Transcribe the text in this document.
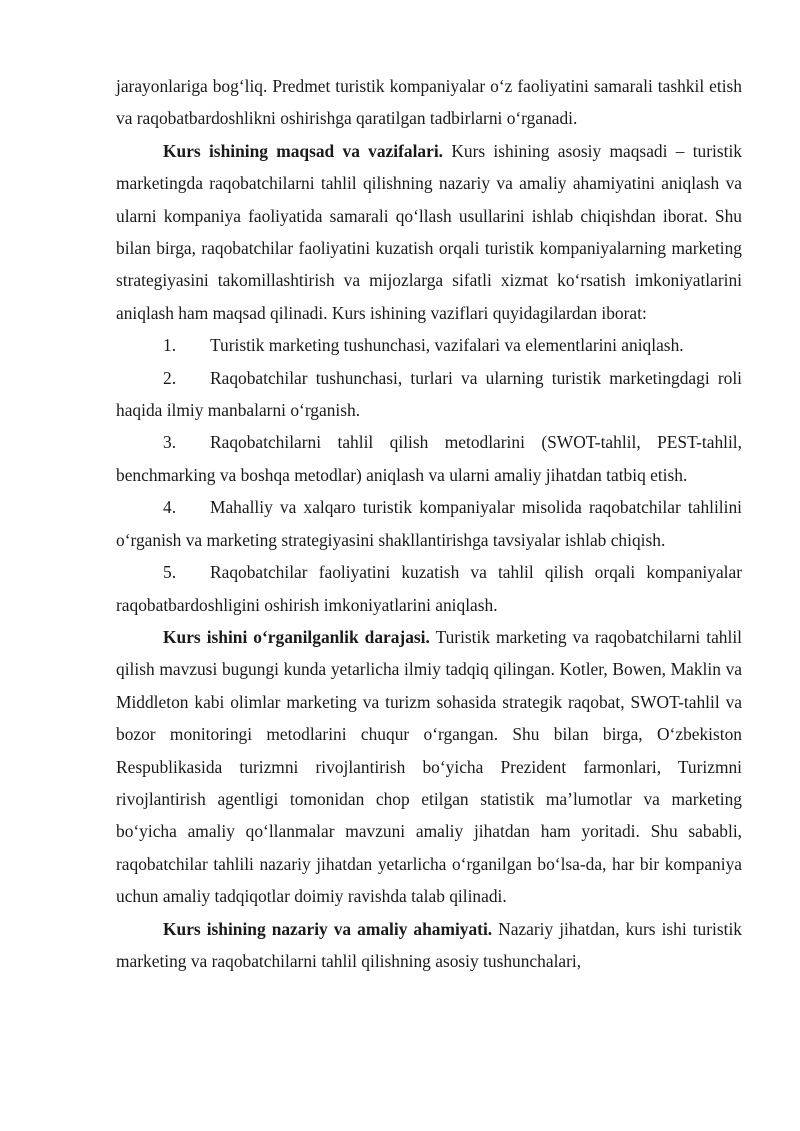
jarayonlariga bog‘liq. Predmet turistik kompaniyalar o‘z faoliyatini samarali tashkil etish va raqobatbardoshlikni oshirishga qaratilgan tadbirlarni o‘rganadi.

Kurs ishining maqsad va vazifalari. Kurs ishining asosiy maqsadi – turistik marketingda raqobatchilarni tahlil qilishning nazariy va amaliy ahamiyatini aniqlash va ularni kompaniya faoliyatida samarali qo‘llash usullarini ishlab chiqishdan iborat. Shu bilan birga, raqobatchilar faoliyatini kuzatish orqali turistik kompaniyalarning marketing strategiyasini takomillashtirish va mijozlarga sifatli xizmat ko‘rsatish imkoniyatlarini aniqlash ham maqsad qilinadi. Kurs ishining vaziflari quyidagilardan iborat:

1. Turistik marketing tushunchasi, vazifalari va elementlarini aniqlash.

2. Raqobatchilar tushunchasi, turlari va ularning turistik marketingdagi roli haqida ilmiy manbalarni o‘rganish.

3. Raqobatchilarni tahlil qilish metodlarini (SWOT-tahlil, PEST-tahlil, benchmarking va boshqa metodlar) aniqlash va ularni amaliy jihatdan tatbiq etish.

4. Mahalliy va xalqaro turistik kompaniyalar misolida raqobatchilar tahlilini o‘rganish va marketing strategiyasini shakllantirishga tavsiyalar ishlab chiqish.

5. Raqobatchilar faoliyatini kuzatish va tahlil qilish orqali kompaniyalar raqobatbardoshligini oshirish imkoniyatlarini aniqlash.

Kurs ishini o‘rganilganlik darajasi. Turistik marketing va raqobatchilarni tahlil qilish mavzusi bugungi kunda yetarlicha ilmiy tadqiq qilingan. Kotler, Bowen, Maklin va Middleton kabi olimlar marketing va turizm sohasida strategik raqobat, SWOT-tahlil va bozor monitoringi metodlarini chuqur o‘rgangan. Shu bilan birga, O‘zbekiston Respublikasida turizmni rivojlantirish bo‘yicha Prezident farmonlari, Turizmni rivojlantirish agentligi tomonidan chop etilgan statistik ma’lumotlar va marketing bo‘yicha amaliy qo‘llanmalar mavzuni amaliy jihatdan ham yoritadi. Shu sababli, raqobatchilar tahlili nazariy jihatdan yetarlicha o‘rganilgan bo‘lsa-da, har bir kompaniya uchun amaliy tadqiqotlar doimiy ravishda talab qilinadi.

Kurs ishining nazariy va amaliy ahamiyati. Nazariy jihatdan, kurs ishi turistik marketing va raqobatchilarni tahlil qilishning asosiy tushunchalari,
